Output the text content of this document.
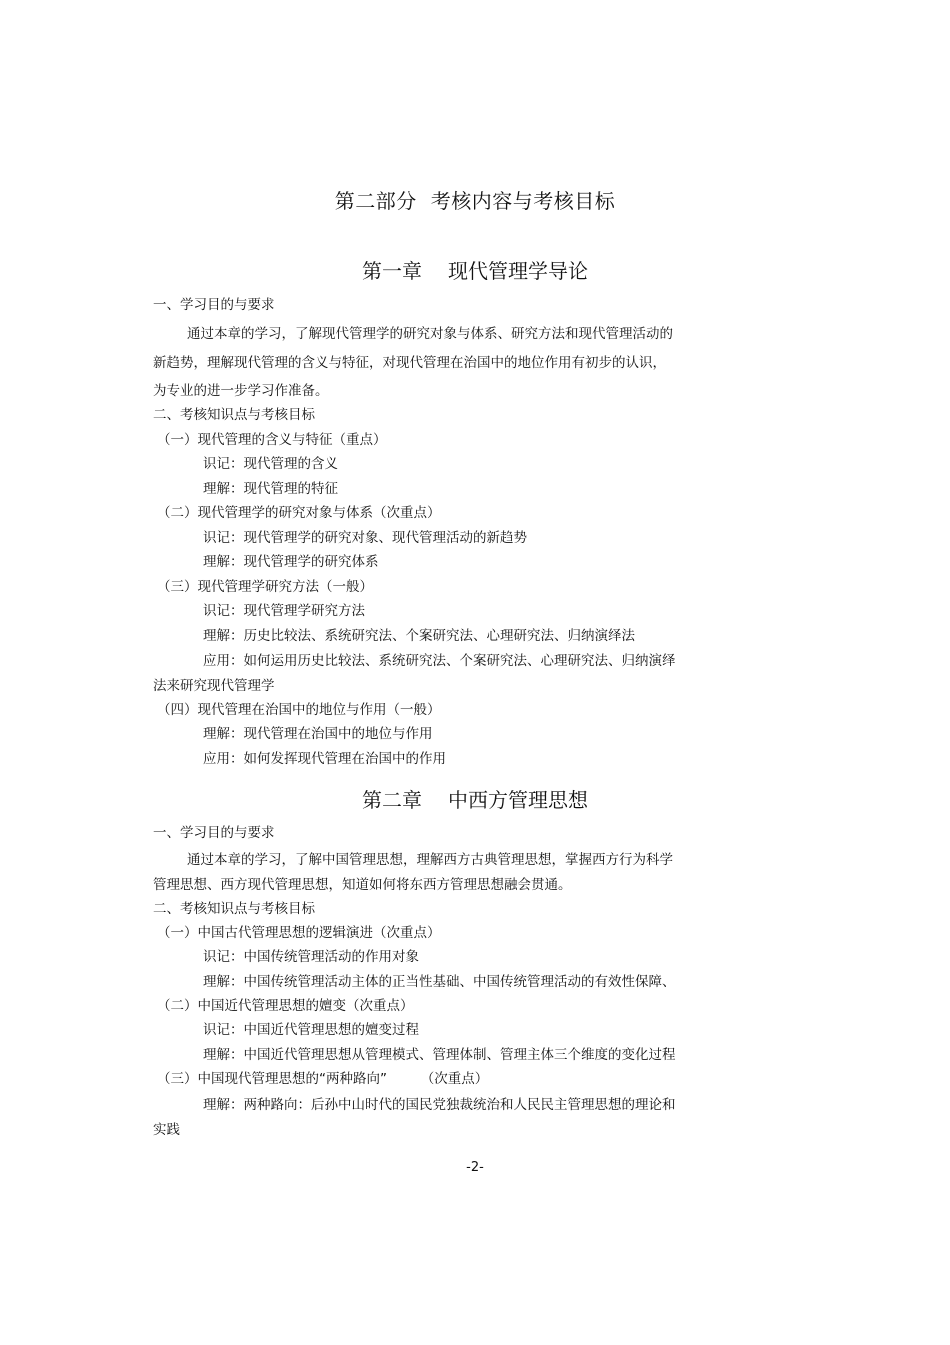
第二部分 考核内容与考核目标
第一章 现代管理学导论
一、学习目的与要求
通过本章的学习，了解现代管理学的研究对象与体系、研究方法和现代管理活动的
新趋势，理解现代管理的含义与特征，对现代管理在治国中的地位作用有初步的认识，
为专业的进一步学习作准备。
二、考核知识点与考核目标
（一）现代管理的含义与特征（重点）
识记：现代管理的含义
理解：现代管理的特征
（二）现代管理学的研究对象与体系（次重点）
识记：现代管理学的研究对象、现代管理活动的新趋势
理解：现代管理学的研究体系
（三）现代管理学研究方法（一般）
识记：现代管理学研究方法
理解：历史比较法、系统研究法、个案研究法、心理研究法、归纳演绎法
应用：如何运用历史比较法、系统研究法、个案研究法、心理研究法、归纳演绎
法来研究现代管理学
（四）现代管理在治国中的地位与作用（一般）
理解：现代管理在治国中的地位与作用
应用：如何发挥现代管理在治国中的作用
第二章 中西方管理思想
一、学习目的与要求
通过本章的学习，了解中国管理思想，理解西方古典管理思想，掌握西方行为科学
管理思想、西方现代管理思想，知道如何将东西方管理思想融会贯通。
二、考核知识点与考核目标
（一）中国古代管理思想的逻辑演进（次重点）
识记：中国传统管理活动的作用对象
理解：中国传统管理活动主体的正当性基础、中国传统管理活动的有效性保障、
（二）中国近代管理思想的嬗变（次重点）
识记：中国近代管理思想的嬗变过程
理解：中国近代管理思想从管理模式、管理体制、管理主体三个维度的变化过程
（三）中国现代管理思想的“两种路向”　　　（次重点）
理解：两种路向：后孙中山时代的国民党独裁统治和人民民主管理思想的理论和
实践
-2-
